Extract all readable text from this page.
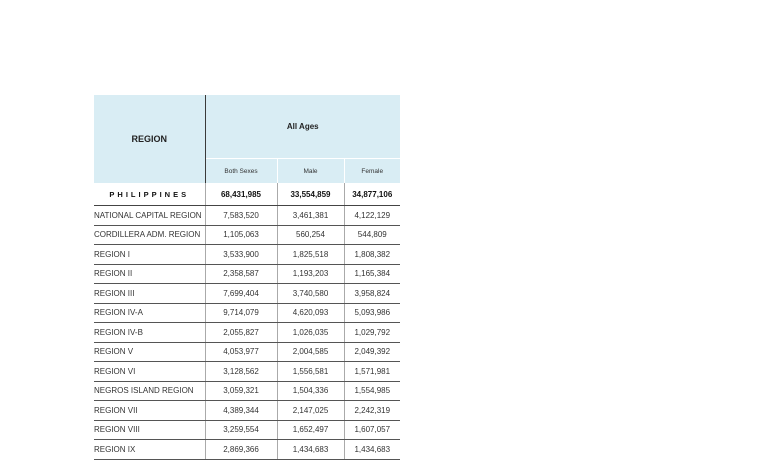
REGION	All Ages		
	Both Sexes	Male	Female
PHILIPPINES	68,431,985	33,554,859	34,877,106
NATIONAL CAPITAL REGION	7,583,520	3,461,381	4,122,129
CORDILLERA ADM. REGION	1,105,063	560,254	544,809
REGION I	3,533,900	1,825,518	1,808,382
REGION II	2,358,587	1,193,203	1,165,384
REGION III	7,699,404	3,740,580	3,958,824
REGION IV-A	9,714,079	4,620,093	5,093,986
REGION IV-B	2,055,827	1,026,035	1,029,792
REGION V	4,053,977	2,004,585	2,049,392
REGION VI	3,128,562	1,556,581	1,571,981
NEGROS ISLAND REGION	3,059,321	1,504,336	1,554,985
REGION VII	4,389,344	2,147,025	2,242,319
REGION VIII	3,259,554	1,652,497	1,607,057
REGION IX	2,869,366	1,434,683	1,434,683
